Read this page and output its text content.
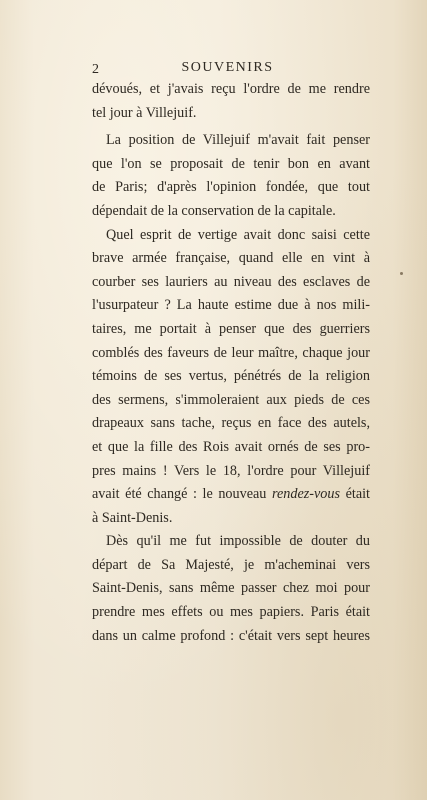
2	SOUVENIRS
dévoués, et j'avais reçu l'ordre de me rendre
tel jour à Villejuif.
La position de Villejuif m'avait fait penser
que l'on se proposait de tenir bon en avant
de Paris; d'après l'opinion fondée, que tout
dépendait de la conservation de la capitale.
Quel esprit de vertige avait donc saisi cette
brave armée française, quand elle en vint à
courber ses lauriers au niveau des esclaves de
l'usurpateur ? La haute estime due à nos mili-
taires, me portait à penser que des guerriers
comblés des faveurs de leur maître, chaque jour
témoins de ses vertus, pénétrés de la religion
des sermens, s'immoleraient aux pieds de ces
drapeaux sans tache, reçus en face des autels,
et que la fille des Rois avait ornés de ses pro-
pres mains ! Vers le 18, l'ordre pour Villejuif
avait été changé : le nouveau rendez-vous était
à Saint-Denis.
Dès qu'il me fut impossible de douter du
départ de Sa Majesté, je m'acheminai vers
Saint-Denis, sans même passer chez moi pour
prendre mes effets ou mes papiers. Paris était
dans un calme profond : c'était vers sept heures
